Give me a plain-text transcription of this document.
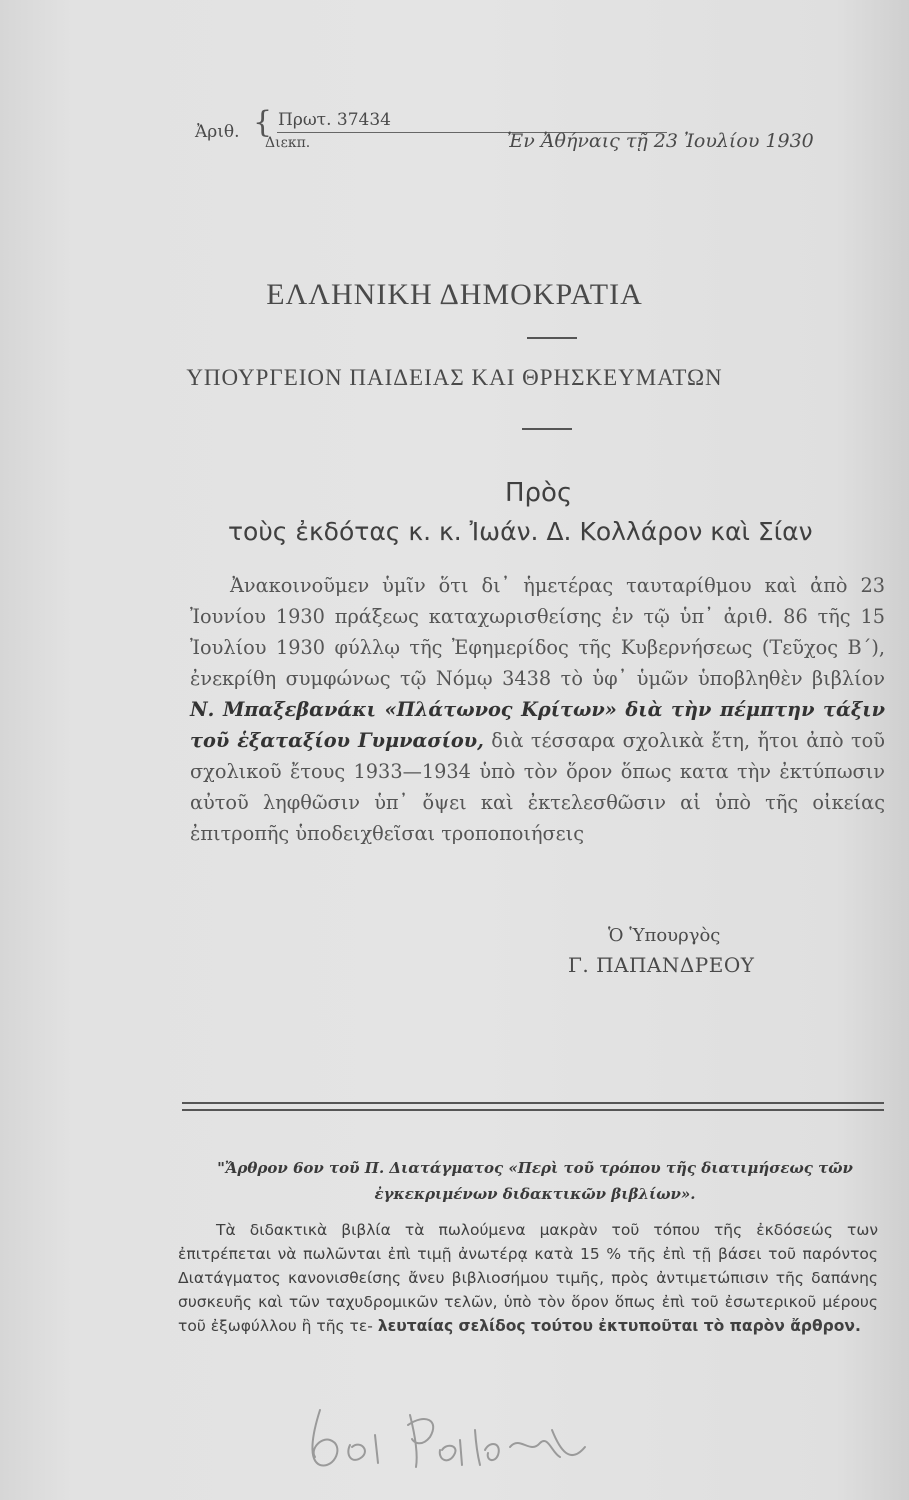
Ἀριθ. { Πρωτ. 37434
Διεκπ.	Ἐν Ἀθήναις τῇ 23 Ἰουλίου 1930
ΕΛΛΗΝΙΚΗ ΔΗΜΟΚΡΑΤΙΑ
ΥΠΟΥΡΓΕΙΟΝ ΠΑΙΔΕΙΑΣ ΚΑΙ ΘΡΗΣΚΕΥΜΑΤΩΝ
Πρὸς
τοὺς ἐκδότας κ. κ. Ἰωάν. Δ. Κολλάρον καὶ Σίαν

Ἀνακοινοῦμεν ὑμῖν ὅτι δι᾽ ἡμετέρας ταυταρίθμου καὶ ἀπὸ 23 Ἰουνίου 1930 πράξεως καταχωρισθείσης ἐν τῷ ὑπ᾽ ἀριθ. 86 τῆς 15 Ἰουλίου 1930 φύλλῳ τῆς Ἐφημερίδος τῆς Κυβερνήσεως (Τεῦχος Β΄), ἐνεκρίθη συμφώνως τῷ Νόμῳ 3438 τὸ ὑφ᾽ ὑμῶν ὑποβληθὲν βιβλίον Ν. Μπαξεβανάκι «Πλάτωνος Κρίτων» διὰ τὴν πέμπτην τάξιν τοῦ ἑξαταξίου Γυμνασίου, διὰ τέσσαρα σχολικὰ ἔτη, ἤτοι ἀπὸ τοῦ σχολικοῦ ἔτους 1933—1934 ὑπὸ τὸν ὅρον ὅπως κατα τὴν ἐκτύπωσιν αὐτοῦ ληφθῶσιν ὑπ᾽ ὄψει καὶ ἐκτελεσθῶσιν αἱ ὑπὸ τῆς οἰκείας ἐπιτροπῆς ὑποδειχθεῖσαι τροποποιήσεις

Ὁ Ὑπουργὸς
Γ. ΠΑΠΑΝΔΡΕΟΥ
"Ἄρθρον 6ον τοῦ Π. Διατάγματος «Περὶ τοῦ τρόπου τῆς διατιμήσεως τῶν ἐγκεκριμένων διδακτικῶν βιβλίων».

Τὰ διδακτικὰ βιβλία τὰ πωλούμενα μακρὰν τοῦ τόπου τῆς ἐκδόσεώς των ἐπιτρέπεται νὰ πωλῶνται ἐπὶ τιμῇ ἀνωτέρᾳ κατὰ 15 % τῆς ἐπὶ τῇ βάσει τοῦ παρόντος Διατάγματος κανονισθείσης ἄνευ βιβλιοσήμου τιμῆς, πρὸς ἀντιμετώπισιν τῆς δαπάνης συσκευῆς καὶ τῶν ταχυδρομικῶν τελῶν, ὑπὸ τὸν ὅρον ὅπως ἐπὶ τοῦ ἐσωτερικοῦ μέρους τοῦ ἐξωφύλλου ἢ τῆς τε- λευταίας σελίδος τούτου ἐκτυποῦται τὸ παρὸν ἄρθρον.
